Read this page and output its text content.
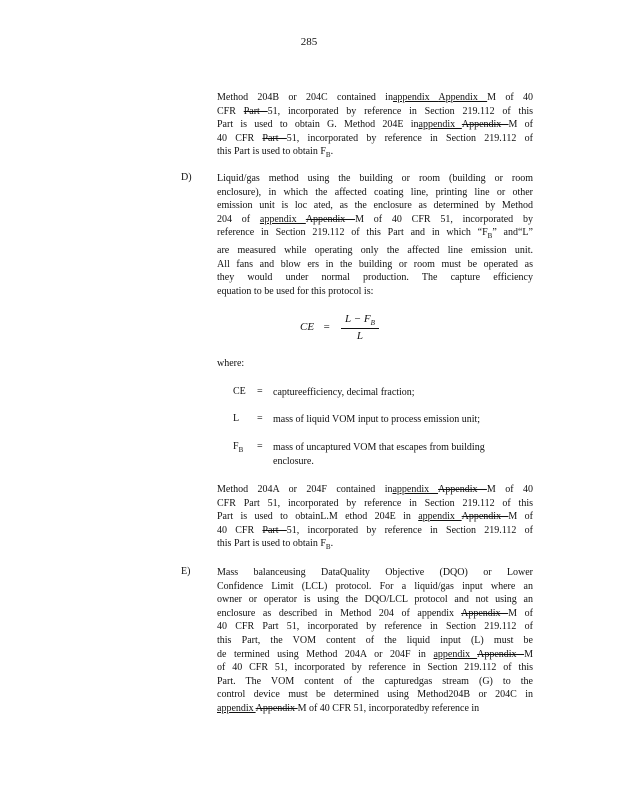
285
Method 204B or 204C contained inappendix Appendix M of 40
CFR Part 51, incorporated by reference in Section 219.112 of this
Part is used to obtain G. Method 204E inappendix Appendix M of
40 CFR Part 51, incorporated by reference in Section 219.112 of
this Part is used to obtain $F_B$.
D)	Liquid/gas method using the building or room (building or room
enclosure), in which the affected coating line, printing line or other
emission unit is loc ated, as the enclosure as determined by Method
204 of appendix Appendix M of 40 CFR 51, incorporated by
reference in Section 219.112 of this Part and in which “$F_B$” and“L”
are measured while operating only the affected line emission unit.
All fans and blow ers in the building or room must be operated as
they would under normal production. The capture efficiency
equation to be used for this protocol is:
CE = $\frac{L - F_B}{L}$
where:
CE	= captureefficiency, decimal fraction;
L	= mass of liquid VOM input to process emission unit;
$F_B$	= mass of uncaptured VOM that escapes from building enclosure.
Method 204A or 204F contained inappendix Appendix M of 40
CFR Part 51, incorporated by reference in Section 219.112 of this
Part is used to obtainL.M ethod 204E in appendix Appendix M of
40 CFR Part 51, incorporated by reference in Section 219.112 of
this Part is used to obtain $F_B$.
E)	Mass balanceusing DataQuality Objective (DQO) or Lower
Confidence Limit (LCL) protocol. For a liquid/gas input where an
owner or operator is using the DQO/LCL protocol and not using an
enclosure as described in Method 204 of appendix Appendix M of
40 CFR Part 51, incorporated by reference in Section 219.112 of
this Part, the VOM content of the liquid input (L) must be
de termined using Method 204A or 204F in appendix Appendix M
of 40 CFR 51, incorporated by reference in Section 219.112 of this
Part. The VOM content of the capturedgas stream (G) to the
control device must be determined using Method204B or 204C in
appendix Appendix M of 40 CFR 51, incorporatedby reference in
